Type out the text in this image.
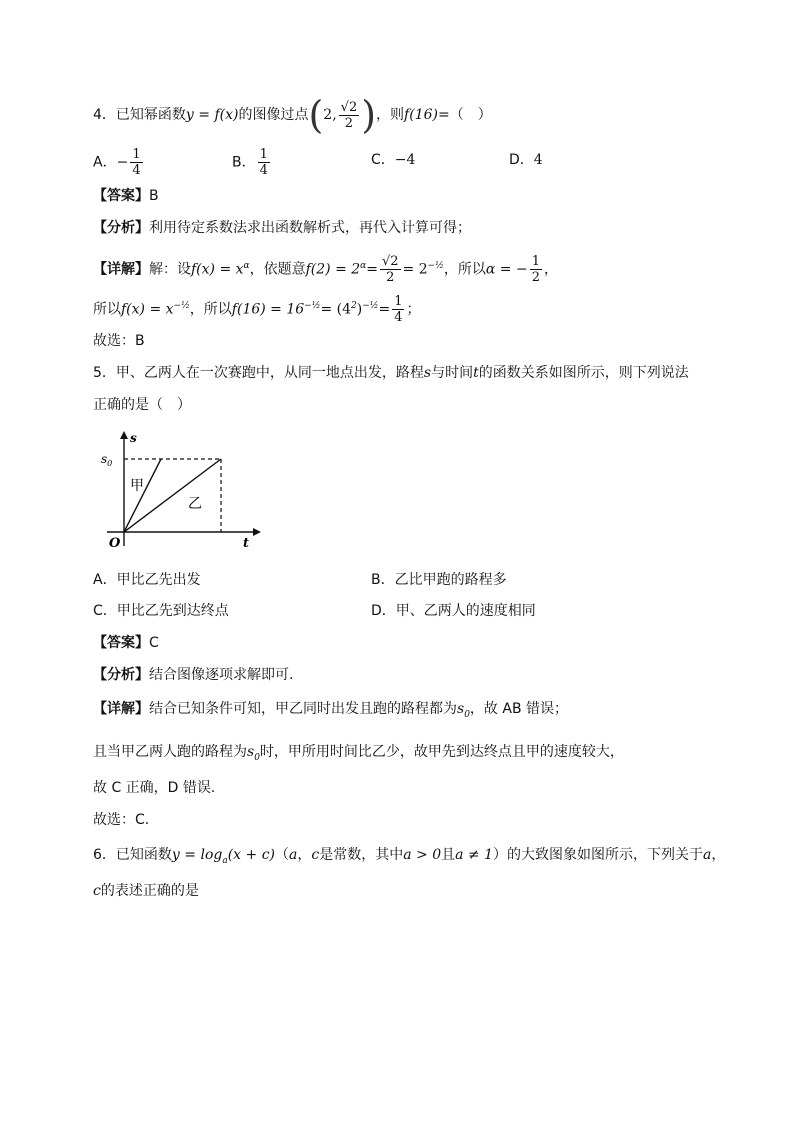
4．已知幂函数y = f(x)的图像过点(2, $\frac{√2}{2}$ )，则f(16)=（　）
A．− $\frac{1}{4}$	B． $\frac{1}{4}$	C．−4	D．4
【答案】B
【分析】利用待定系数法求出函数解析式，再代入计算可得；
【详解】解：设$f(x) = x^\alpha$，依题意$f(2) = 2^\alpha= \frac{√2}{2} = 2^{-\frac{1}{2}}$，所以α = − $\frac{1}{2}$ ，
所以$f(x) = x^{-\frac{1}{2}}$，所以$f(16) = 16^{-\frac{1}{2}}= (4^2)^{-\frac{1}{2}}= \frac{1}{4}$ ；
故选：B
5．甲、乙两人在一次赛跑中，从同一地点出发，路程s与时间t的函数关系如图所示，则下列说法
正确的是（　）
s
$s_0$
O	t
甲
乙
A．甲比乙先出发	B．乙比甲跑的路程多
C．甲比乙先到达终点	D．甲、乙两人的速度相同
【答案】C
【分析】结合图像逐项求解即可.
【详解】结合已知条件可知，甲乙同时出发且跑的路程都为$s_0$，故 AB 错误；
且当甲乙两人跑的路程为$s_0$时，甲所用时间比乙少，故甲先到达终点且甲的速度较大，
故 C 正确，D 错误.
故选：C.
6．已知函数$y = \log_a(x + c)(a$，c是常数，其中a > 0且a ≠ 1）的大致图象如图所示，下列关于a，
c的表述正确的是
